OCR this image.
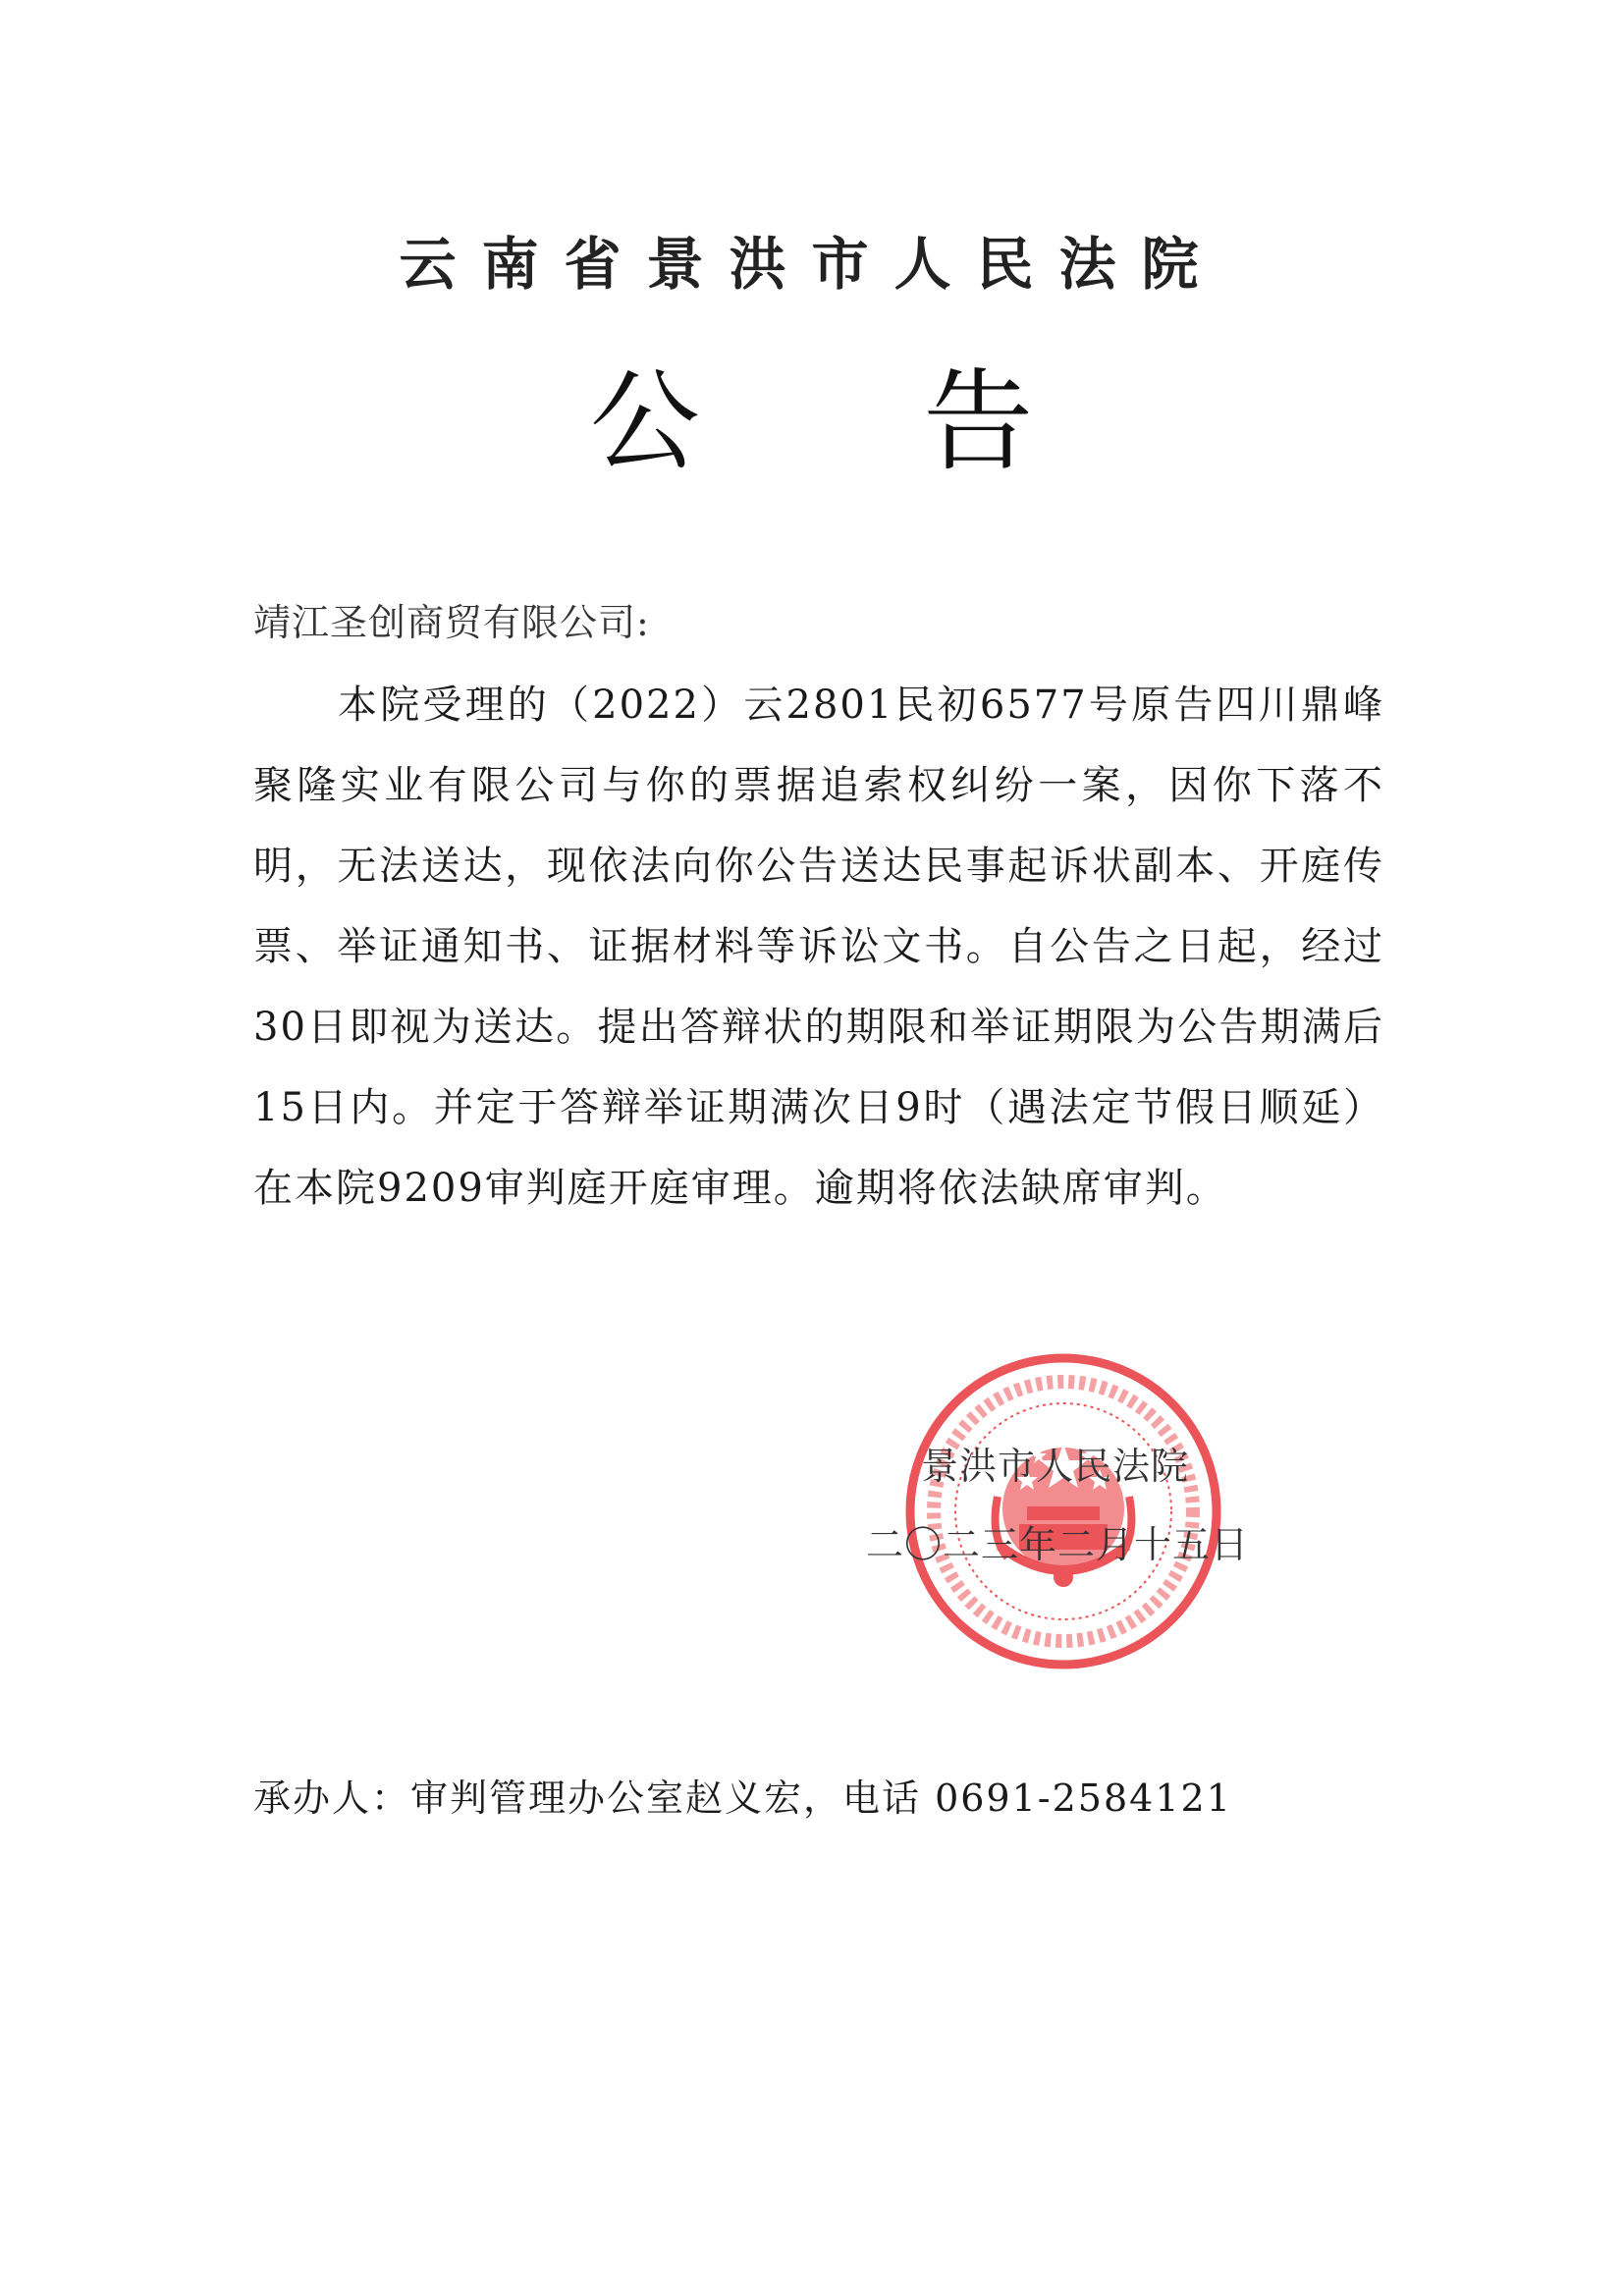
云南省景洪市人民法院
公 告
靖江圣创商贸有限公司:
本院受理的（2022）云2801民初6577号原告四川鼎峰聚隆实业有限公司与你的票据追索权纠纷一案，因你下落不明，无法送达，现依法向你公告送达民事起诉状副本、开庭传票、举证通知书、证据材料等诉讼文书。自公告之日起，经过30日即视为送达。提出答辩状的期限和举证期限为公告期满后15日内。并定于答辩举证期满次日9时（遇法定节假日顺延）在本院9209审判庭开庭审理。逾期将依法缺席审判。
景洪市人民法院
二〇二三年二月十五日
承办人：审判管理办公室赵义宏，电话 0691-2584121
